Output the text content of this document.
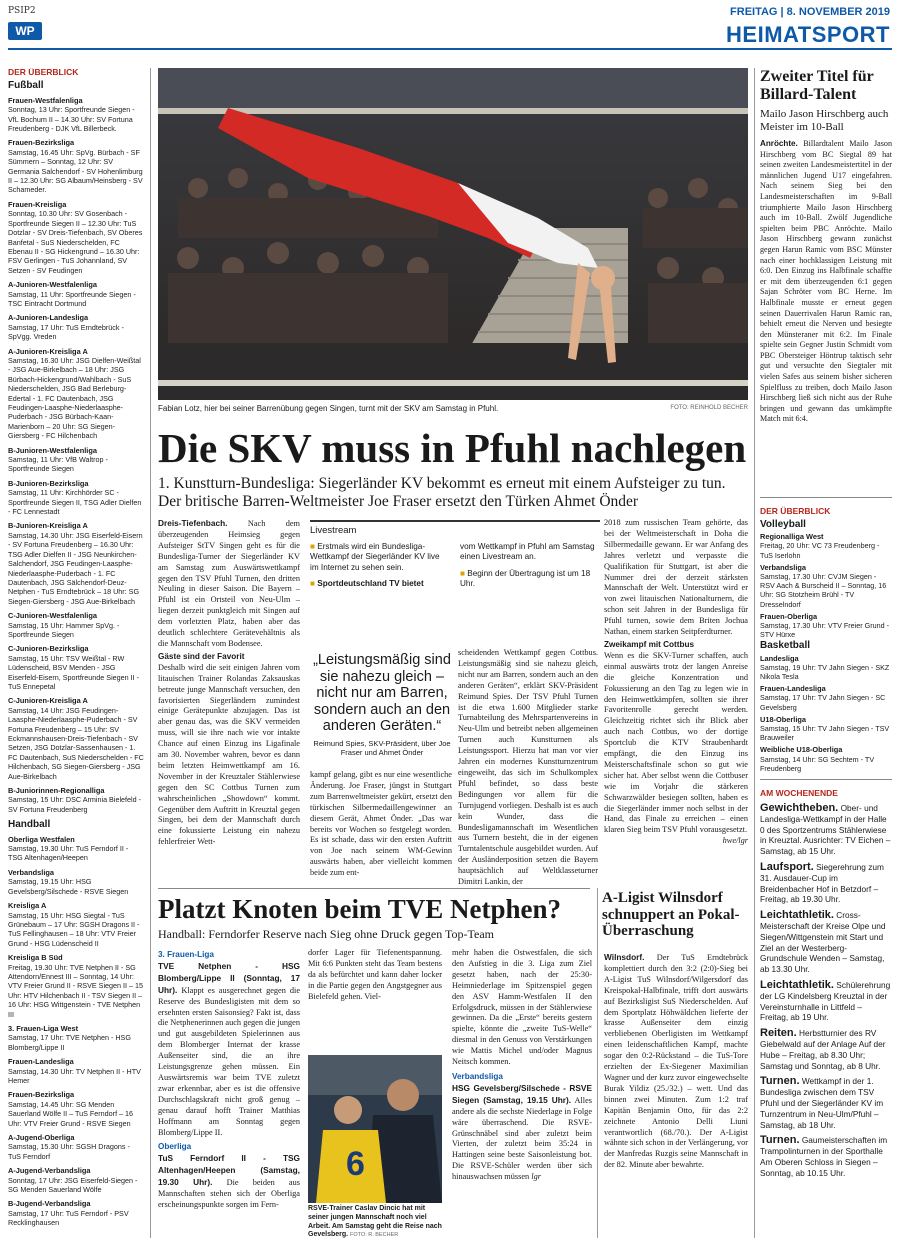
PSIP2
WP
FREITAG | 8. NOVEMBER 2019
HEIMATSPORT
DER ÜBERBLICK
Fußball
Frauen-Westfalenliga
Sonntag, 13 Uhr: Sportfreunde Siegen - VfL Bochum II – 14.30 Uhr: SV Fortuna Freudenberg - DJK VfL Billerbeck.
Frauen-Bezirksliga
Samstag, 16.45 Uhr: SpVg. Bürbach - SF Sümmern – Sonntag, 12 Uhr: SV Germania Salchendorf - SV Hohenlimburg II – 12.30 Uhr: SG Albaum/Heinsberg - SV Schameder.
Frauen-Kreisliga
Sonntag, 10.30 Uhr: SV Gosenbach - Sportfreunde Siegen II – 12.30 Uhr: TuS Dotzlar - SV Dreis-Tiefenbach, SV Oberes Banfetal - SuS Niederschelden, FC Ebenau II - SG Hickengrund – 16.30 Uhr: FSV Gerlingen - TuS Johannland, SV Setzen - SV Feudingen
A-Junioren-Westfalenliga
Samstag, 11 Uhr: Sportfreunde Siegen - TSC Eintracht Dortmund
A-Junioren-Landesliga
Samstag, 17 Uhr: TuS Erndtebrück - SpVgg. Vreden
A-Junioren-Kreisliga A
Samstag, 16.30 Uhr: JSG Dielfen-Weißtal - JSG Aue-Birkelbach – 18 Uhr: JSG Bürbach-Hickengrund/Wahlbach - SuS Niederschelden, JSG Bad Berleburg-Edertal - 1. FC Dautenbach, JSG Feudingen-Laasphe-Niederlaasphe-Puderbach - JSG Bürbach-Kaan-Marienborn – 20 Uhr: SG Siegen-Giersberg - FC Hilchenbach
B-Junioren-Westfalenliga
Samstag, 11 Uhr: VfB Waltrop - Sportfreunde Siegen
B-Junioren-Bezirksliga
Samstag, 11 Uhr: Kirchhörder SC - Sportfreunde Siegen II, TSG Adler Dielfen - FC Lennestadt
B-Junioren-Kreisliga A
Samstag, 14.30 Uhr: JSG Eiserfeld-Eisern - SV Fortuna Freudenberg – 16.30 Uhr: TSG Adler Dielfen II - JSG Neunkirchen-Salchendorf, JSG Feudingen-Laasphe-Niederlaasphe-Puderbach - 1. FC Dautenbach, JSG Sälchendorf-Deuz-Netphen - TuS Erndtebrück – 18 Uhr: SG Siegen-Giersberg - JSG Aue-Birkelbach
C-Junioren-Westfalenliga
Samstag, 15 Uhr: Hammer SpVg. - Sportfreunde Siegen
C-Junioren-Bezirksliga
Samstag, 15 Uhr: TSV Weißtal - RW Lüdenscheid, BSV Menden - JSG Eiserfeld-Eisern, Sportfreunde Siegen II - TuS Ennepetal
C-Junioren-Kreisliga A
Samstag, 14 Uhr: JSG Feudingen-Laasphe-Niederlaasphe-Puderbach - SV Fortuna Freudenberg – 15 Uhr: SV Eckmannshausen-Dreis-Tiefenbach - SV Setzen, JSG Dotzlar-Sassenhausen - 1. FC Dautenbach, SuS Niederschelden - FC Hilchenbach, SG Siegen-Giersberg - JSG Aue-Birkelbach
B-Juniorinnen-Regionalliga
Samstag, 15 Uhr: DSC Arminia Bielefeld - SV Fortuna Freudenberg
Handball
Oberliga Westfalen
Samstag, 19.30 Uhr: TuS Ferndorf II - TSG Altenhagen/Heepen
Verbandsliga
Samstag, 19.15 Uhr: HSG Gevelsberg/Silschede - RSVE Siegen
Kreisliga A
Samstag, 15 Uhr: HSG Siegtal - TuS Grünebaum – 17 Uhr: SGSH Dragons II - TuS Fellinghausen – 18 Uhr: VTV Freier Grund - HSG Lüdenscheid II
Kreisliga B Süd
Freitag, 19.30 Uhr: TVE Netphen II - SG Attendorn/Ennest III – Sonntag, 14 Uhr: VTV Freier Grund II - RSVE Siegen II – 15 Uhr: HTV Hilchenbach II - TSV Siegen II – 16 Uhr: HSG Wittgenstein - TVE Netphen III
3. Frauen-Liga West
Samstag, 17 Uhr: TVE Netphen - HSG Blomberg/Lippe II
Frauen-Landesliga
Samstag, 14.30 Uhr: TV Netphen II - HTV Hemer
Frauen-Bezirksliga
Samstag, 14.45 Uhr: SG Menden Sauerland Wölfe II – TuS Ferndorf – 16 Uhr: VTV Freier Grund - RSVE Siegen
A-Jugend-Oberliga
Samstag, 15.30 Uhr: SGSH Dragons - TuS Ferndorf
A-Jugend-Verbandsliga
Sonntag, 17 Uhr: JSG Eiserfeld-Siegen - SG Menden Sauerland Wölfe
B-Jugend-Verbandsliga
Samstag, 17 Uhr: TuS Ferndorf - PSV Recklinghausen
Fabian Lotz, hier bei seiner Barrenübung gegen Singen, turnt mit der SKV am Samstag in Pfuhl.	FOTO: REINHOLD BECHER
Die SKV muss in Pfuhl nachlegen
1. Kunstturn-Bundesliga: Siegerländer KV bekommt es erneut mit einem Aufsteiger zu tun. Der britische Barren-Weltmeister Joe Fraser ersetzt den Türken Ahmet Önder

Dreis-Tiefenbach. Nach dem überzeugenden Heimsieg gegen Aufsteiger StTV Singen geht es für die Bundesliga-Turner der Siegerländer KV am Samstag zum Auswärtswettkampf gegen den TSV Pfuhl Turnen, den dritten Neuling in dieser Saison. Die Bayern – Pfuhl ist ein Ortsteil von Neu-Ulm – liegen derzeit punktgleich mit Singen auf dem vorletzten Platz, haben aber das deutlich schlechtere Gerätevehältnis als die Mannschaft vom Bodensee.

Gäste sind der Favorit

Deshalb wird die seit einigen Jahren vom litauischen Trainer Rolandas Zaksauskas betreute junge Mannschaft versuchen, den favorisierten Siegerländern zumindest einige Gerätepunkte abzujagen. Das ist aber genau das, was die SKV vermeiden muss, will sie ihre nach wie vor intakte Chance auf einen Einzug ins Ligafinale am 30. November wahren, bevor es dann beim letzten Heimwettkampf am 16. November in der Kreuztaler Stählerwiese gegen den SC Cottbus Turnen zum wahrscheinlichen „Showdown“ kommt. Gegenüber dem Auftritt in Kreuztal gegen Singen, bei dem der Mannschaft durch eine fokussierte Leistung ein nahezu fehlerfreier Wett-

Livestream

■ Erstmals wird ein Bundesliga-Wettkampf der Siegerländer KV live im Internet zu sehen sein.

■ Sportdeutschland TV bietet

vom Wettkampf in Pfuhl am Samstag einen Livestream an.

■ Beginn der Übertragung ist um 18 Uhr.

„Leistungsmäßig sind sie nahezu gleich – nicht nur am Barren, sondern auch an den anderen Geräten.“
Reimund Spies, SKV-Präsident, über Joe Fraser und Ahmet Önder

kampf gelang, gibt es nur eine wesentliche Änderung. Joe Fraser, jüngst in Stuttgart zum Barrenweltmeister gekürt, ersetzt den türkischen Silbermedaillengewinner an diesem Gerät, Ahmet Önder. „Das war bereits vor Wochen so festgelegt worden. Es ist schade, dass wir den ersten Auftritt von Joe nach seinem WM-Gewinn auswärts haben, aber vielleicht kommen beide zum ent-

scheidenden Wettkampf gegen Cottbus. Leistungsmäßig sind sie nahezu gleich, nicht nur am Barren, sondern auch an den anderen Geräten“, erklärt SKV-Präsident Reimund Spies. Der TSV Pfuhl Turnen ist die etwa 1.600 Mitglieder starke Turnabteilung des Mehrspartenvereins in Neu-Ulm und betreibt neben allgemeinen Turnen auch Kunstturnen als Leistungssport. Hierzu hat man vor vier Jahren ein modernes Kunstturnzentrum eingeweiht, das sich im Schulkomplex Pfuhl befindet, so dass beste Bedingungen vor allem für die Turnjugend vorliegen. Deshalb ist es auch kein Wunder, dass die Bundesligamannschaft im Wesentlichen aus Turnern besteht, die in der eigenen Turntalentschule ausgebildet wurden. Auf der Ausländerposition setzen die Bayern hauptsächlich auf Weltklasseturner Dimitri Lankin, der

2018 zum russischen Team gehörte, das bei der Weltmeisterschaft in Doha die Silbermedaille gewann. Er war Anfang des Jahres verletzt und verpasste die Qualifikation für Stuttgart, ist aber die Nummer drei der derzeit stärksten Mannschaft der Welt. Unterstützt wird er von zwei litauischen Nationalturnern, die schon seit Jahren in der Bundesliga für Pfuhl turnen, sowie dem Briten Jochua Nathan, einem starken Seitpferdturner.

Zweikampf mit Cottbus

Wenn es die SKV-Turner schaffen, auch einmal auswärts trotz der langen Anreise die gleiche Konzentration und Fokussierung an den Tag zu legen wie in den Heimwettkämpfen, sollten sie ihrer Favoritenrolle gerecht werden. Gleichzeitig richtet sich ihr Blick aber auch nach Cottbus, wo der dortige Sportclub die KTV Straubenhardt empfängt, die den Einzug ins Meisterschaftsfinale schon so gut wie sicher hat. Aber selbst wenn die Cottbuser wie im Vorjahr die stärkeren Schwarzwälder besiegen sollten, haben es die Siegerländer immer noch selbst in der Hand, das Finale zu erreichen – einen klaren Sieg beim TSV Pfuhl vorausgesetzt.

hwe/lgr

Platzt Knoten beim TVE Netphen?
Handball: Ferndorfer Reserve nach Sieg ohne Druck gegen Top-Team

3. Frauen-Liga

TVE Netphen - HSG Blomberg/Lippe II (Sonntag, 17 Uhr). Klappt es ausgerechnet gegen die Reserve des Bundesligisten mit dem so ersehnten ersten Saisonsieg? Fakt ist, dass die Netphenerinnen auch gegen die jungen und gut ausgebildeten Spielerinnen aus dem Blomberger Internat der krasse Außenseiter sind, die an ihre Leistungsgrenze gehen müssen. Ein Auswärtsremis war beim TVE zuletzt zwar erkennbar, aber es ist die offensive Durchschlagskraft nicht groß genug – genau darauf hofft Trainer Matthias Hoffmann am Sonntag gegen Blomberg/Lippe II.

Oberliga

TuS Ferndorf II - TSG Altenhagen/Heepen (Samstag, 19.30 Uhr). Die beiden aus Mannschaften stehen sich der Oberliga erscheinungspunkte sorgen im Fern-

dorfer Lager für Tiefenentspannung. Mit 6:6 Punkten steht das Team bestens da als befürchtet und kann daher locker in die Partie gegen den Angstgegner aus Bielefeld gehen. Viel-

6
RSVE-Trainer Caslav Dincic hat mit seiner jungen Mannschaft noch viel Arbeit. Am Samstag geht die Reise nach Gevelsberg. FOTO: R. BECHER

mehr haben die Ostwestfalen, die sich den Aufstieg in die 3. Liga zum Ziel gesetzt haben, nach der 25:30-Heimniederlage im Spitzenspiel gegen den ASV Hamm-Westfalen II den Erfolgsdruck, müssen in der Stählerwiese gewinnen. Da die „Erste“ bereits gestern spielte, könnte die „zweite TuS-Welle“ diesmal in den Genuss von Verstärkungen wie Mattis Michel und/oder Magnus Neitsch kommen.

Verbandsliga

HSG Gevelsberg/Silschede - RSVE Siegen (Samstag, 19.15 Uhr). Alles andere als die sechste Niederlage in Folge wäre überraschend. Die RSVE-Grünschnäbel sind aber zuletzt beim Vierten, der zuletzt beim 35:24 in Hattingen seine beste Saisonleistung bot. Die RSVE-Schüler werden über sich hinauswachsen müssen lgr

A-Ligist Wilnsdorf schnuppert an Pokal-Überraschung

Wilnsdorf. Der TuS Erndtebrück komplettiert durch den 3:2 (2:0)-Sieg bei A-Ligist TuS Wilnsdorf/Wilgersdorf das Kreispokal-Halbfinale, trifft dort auswärts auf Bezirksligist SuS Niederschelden. Auf dem Sportplatz Höhwäldchen lieferte der krasse Außenseiter dem einzig verbliebenen Oberligisten im Wettkampf einen leidenschaftlichen Kampf, machte sogar den 0:2-Rückstand – die TuS-Tore erzielten der Ex-Siegener Maximilian Wagner und der kurz zuvor eingewechselte Burak Yildiz (25./32.) – wett. Und das binnen zwei Minuten. Zum 1:2 traf Kapitän Benjamin Otto, für das 2:2 zeichnete Antonio Delli Liuni verantwortlich (68./70.). Der A-Ligist wähnte sich schon in der Verlängerung, vor der Manfredas Ruzgis seine Mannschaft in der 82. Minute aber bewahrte.

Zweiter Titel für Billard-Talent
Mailo Jason Hirschberg auch Meister im 10-Ball

Anröchte. Billardtalent Mailo Jason Hirschberg vom BC Siegtal 89 hat seinen zweiten Landesmeistertitel in der männlichen Jugend U17 eingefahren. Nach seinem Sieg bei den Landesmeisterschaften im 9-Ball triumphierte Mailo Jason Hirschberg auch im 10-Ball. Zwölf Jugendliche spielten beim PBC Anröchte. Mailo Jason Hirschberg gewann zunächst gegen Harun Ramic vom BSC Münster nach einer hochklassigen Leistung mit 6:0. Den Einzug ins Halbfinale schaffte er mit dem überzeugenden 6:1 gegen Sajan Schröter vom BC Herne. Im Halbfinale musste er erneut gegen seinen Dauerrivalen Harun Ramic ran, behielt erneut die Nerven und besiegte den Münsteraner mit 6:2. Im Finale spielte sein Gegner Justin Schmidt vom PBC Obersteiger Höntrup taktisch sehr gut und versuchte den Siegtaler mit vielen Safes aus seinem bisher sicheren Spielfluss zu treiben, doch Mailo Jason Hirschberg ließ sich nicht aus der Ruhe bringen und gewann das umkämpfte Match mit 6:4.

DER ÜBERBLICK
Volleyball
Regionalliga West
Freitag, 20 Uhr: VC 73 Freudenberg - TuS Iserlohn
Verbandsliga
Samstag, 17.30 Uhr: CVJM Siegen - RSV Aach & Burscheid II – Sonntag, 16 Uhr: SG Stotzheim Brühl - TV Dresselndorf
Frauen-Oberliga
Samstag, 17.30 Uhr: VTV Freier Grund - STV Hürxe
Basketball
Landesliga
Samstag, 19 Uhr: TV Jahn Siegen - SKZ Nikola Tesla
Frauen-Landesliga
Samstag, 17 Uhr: TV Jahn Siegen - SC Gevelsberg
U18-Oberliga
Samstag, 15 Uhr: TV Jahn Siegen - TSV Brauweiler
Weibliche U18-Oberliga
Samstag, 14 Uhr: SG Sechtem - TV Freudenberg
AM WOCHENENDE
Gewichtheben. Ober- und Landesliga-Wettkampf in der Halle 0 des Sportzentrums Stählerwiese in Kreuztal. Ausrichter: TV Eichen – Samstag, ab 15 Uhr.
Laufsport. Siegerehrung zum 31. Ausdauer-Cup im Breidenbacher Hof in Betzdorf – Freitag, ab 19.30 Uhr.
Leichtathletik. Cross-Meisterschaft der Kreise Olpe und Siegen/Wittgenstein mit Start und Ziel an der Westerberg-Grundschule Wenden – Samstag, ab 13.30 Uhr.
Leichtathletik. Schülerehrung der LG Kindelsberg Kreuztal in der Vereinsturnhalle in Littfeld – Freitag, ab 19 Uhr.
Reiten. Herbstturnier des RV Giebelwald auf der Anlage Auf der Hube – Freitag, ab 8.30 Uhr; Samstag und Sonntag, ab 8 Uhr.
Turnen. Wettkampf in der 1. Bundesliga zwischen dem TSV Pfuhl und der Siegerländer KV im Turnzentrum in Neu-Ulm/Pfuhl – Samstag, ab 18 Uhr.
Turnen. Gaumeisterschaften im Trampolinturnen in der Sporthalle Am Oberen Schloss in Siegen – Sonntag, ab 10.15 Uhr.
